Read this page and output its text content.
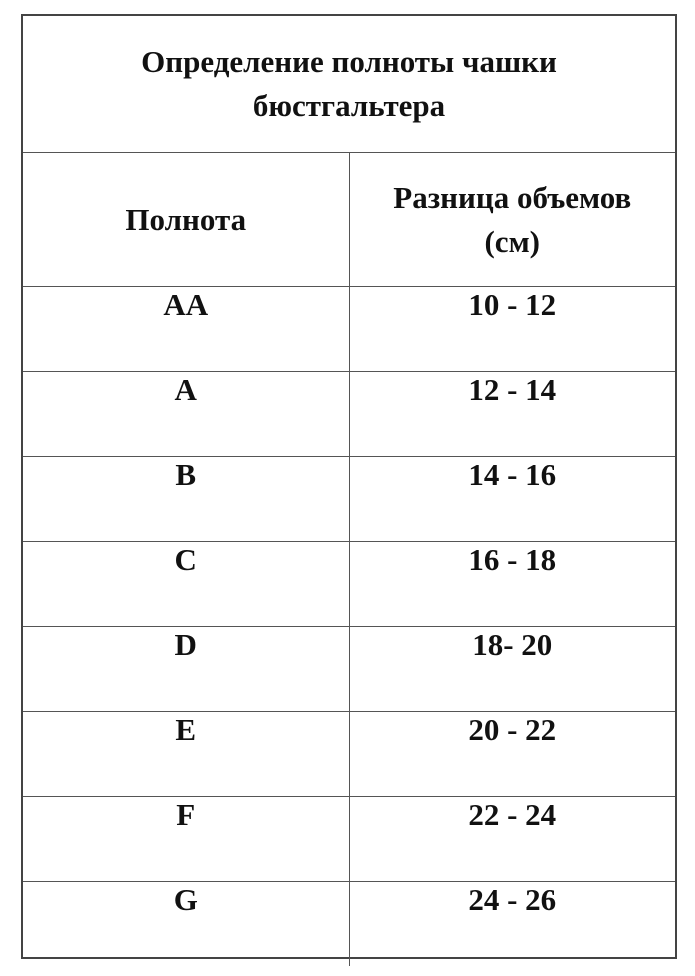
Определение полноты чашки бюстгальтера	
Полнота	Разница объемов (см)
AA	10 - 12
A	12 - 14
B	14 - 16
C	16 - 18
D	18- 20
E	20 - 22
F	22 - 24
G	24 - 26
